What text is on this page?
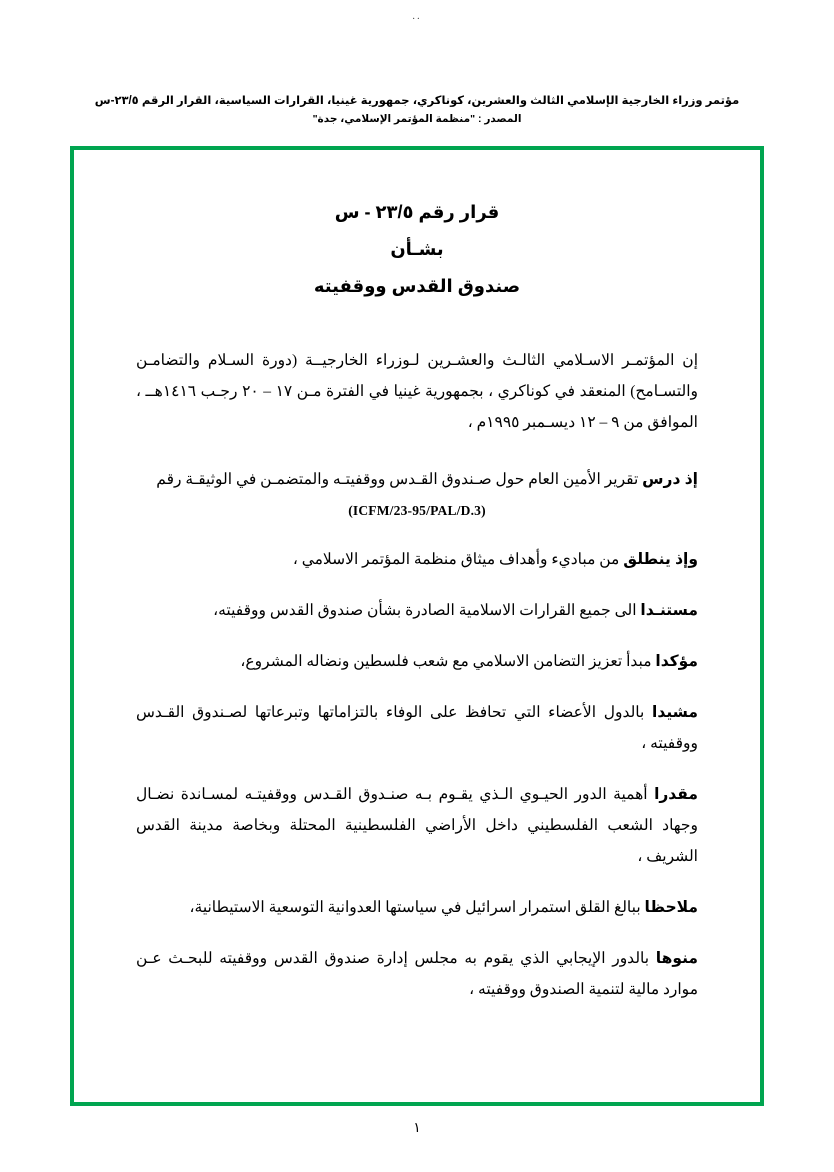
..
مؤتمر وزراء الخارجية الإسلامي الثالث والعشرين، كوناكري، جمهورية غينيا، القرارات السياسية، القرار الرقم ٢٣/٥-س
المصدر : "منظمة المؤتمر الإسلامي، جدة"
قرار رقم ٢٣/٥ - س
بشـأن
صندوق القدس ووقفيته

إن المؤتمـر الاسـلامي الثالـث والعشـرين لـوزراء الخارجيــة (دورة السـلام والتضامـن والتسـامح) المنعقد في كوناكري ، بجمهورية غينيا في الفترة مـن ١٧ – ٢٠ رجـب ١٤١٦هــ ، الموافق من ٩ – ١٢ ديسـمبر ١٩٩٥م ،

إذ درس تقرير الأمين العام حول صـندوق القـدس ووقفيتـه والمتضمـن في الوثيقـة رقم
(ICFM/23-95/PAL/D.3)

وإذ ينطلق من مباديء وأهداف ميثاق منظمة المؤتمر الاسلامي ،

مستنـدا الى جميع القرارات الاسلامية الصادرة بشأن صندوق القدس ووقفيته،

مؤكدا مبدأ تعزيز التضامن الاسلامي مع شعب فلسطين ونضاله المشروع،

مشيدا بالدول الأعضاء التي تحافظ على الوفاء بالتزاماتها وتبرعاتها لصـندوق القـدس ووقفيته ،

مقدرا أهمية الدور الحيـوي الـذي يقـوم بـه صنـدوق القـدس ووقفيتـه لمسـاندة نضـال وجهاد الشعب الفلسطيني داخل الأراضي الفلسطينية المحتلة وبخاصة مدينة القدس الشريف ،

ملاحظا ببالغ القلق استمرار اسرائيل في سياستها العدوانية التوسعية الاستيطانية،

منوها بالدور الإيجابي الذي يقوم به مجلس إدارة صندوق القدس ووقفيته للبحـث عـن موارد مالية لتنمية الصندوق ووقفيته ،

١
